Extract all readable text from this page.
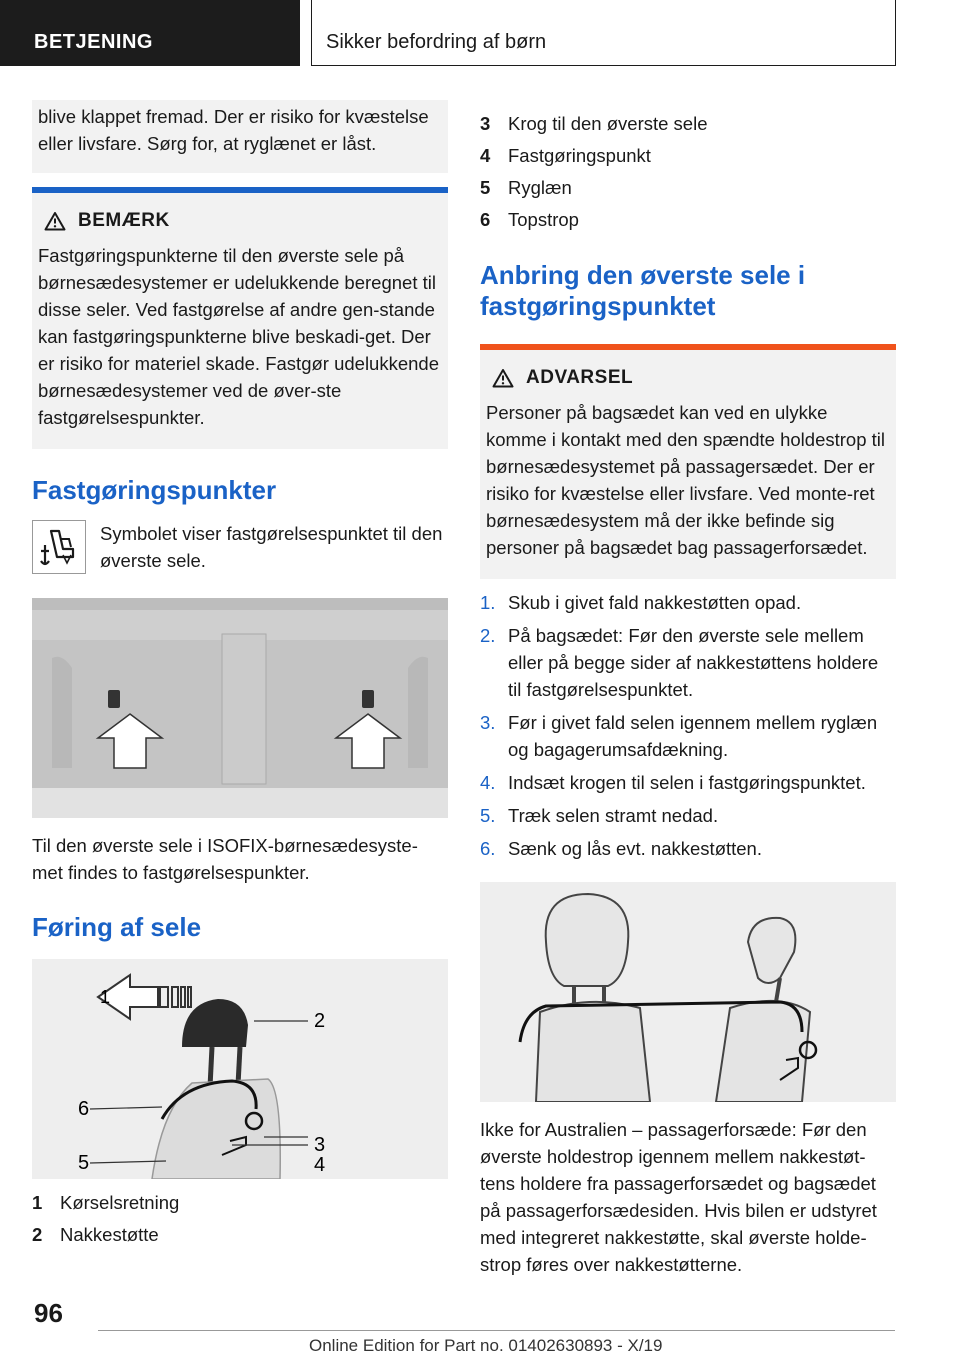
BETJENING	Sikker befordring af børn
blive klappet fremad. Der er risiko for kvæstelse eller livsfare. Sørg for, at ryglænet er låst.
BEMÆRK
Fastgøringspunkterne til den øverste sele på børnesædesystemer er udelukkende beregnet til disse seler. Ved fastgørelse af andre gen-stande kan fastgøringspunkterne blive beskadi-get. Der er risiko for materiel skade. Fastgør udelukkende børnesædesystemer ved de øver-ste fastgørelsespunkter.
Fastgøringspunkter

Symbolet viser fastgørelsespunktet til den øverste sele.

Til den øverste sele i ISOFIX-børnesædesyste-met findes to fastgørelsespunkter.

Føring af sele
1
2
3
4
5
6
1 Kørselsretning
2 Nakkestøtte
3 Krog til den øverste sele
4 Fastgøringspunkt
5 Ryglæn
6 Topstrop
Anbring den øverste sele i fastgøringspunktet
ADVARSEL
Personer på bagsædet kan ved en ulykke komme i kontakt med den spændte holdestrop til børnesædesystemet på passagersædet. Der er risiko for kvæstelse eller livsfare. Ved monte-ret børnesædesystem må der ikke befinde sig personer på bagsædet bag passagerforsædet.
1. Skub i givet fald nakkestøtten opad.
2. På bagsædet: Før den øverste sele mellem eller på begge sider af nakkestøttens holdere til fastgørelsespunktet.
3. Før i givet fald selen igennem mellem ryglæn og bagagerumsafdækning.
4. Indsæt krogen til selen i fastgøringspunktet.
5. Træk selen stramt nedad.
6. Sænk og lås evt. nakkestøtten.

Ikke for Australien – passagerforsæde: Før den øverste holdestrop igennem mellem nakkestøt-tens holdere fra passagerforsædet og bagsædet på passagerforsædesiden. Hvis bilen er udstyret med integreret nakkestøtte, skal øverste holde-strop føres over nakkestøtterne.

96
Online Edition for Part no. 01402630893 - X/19
